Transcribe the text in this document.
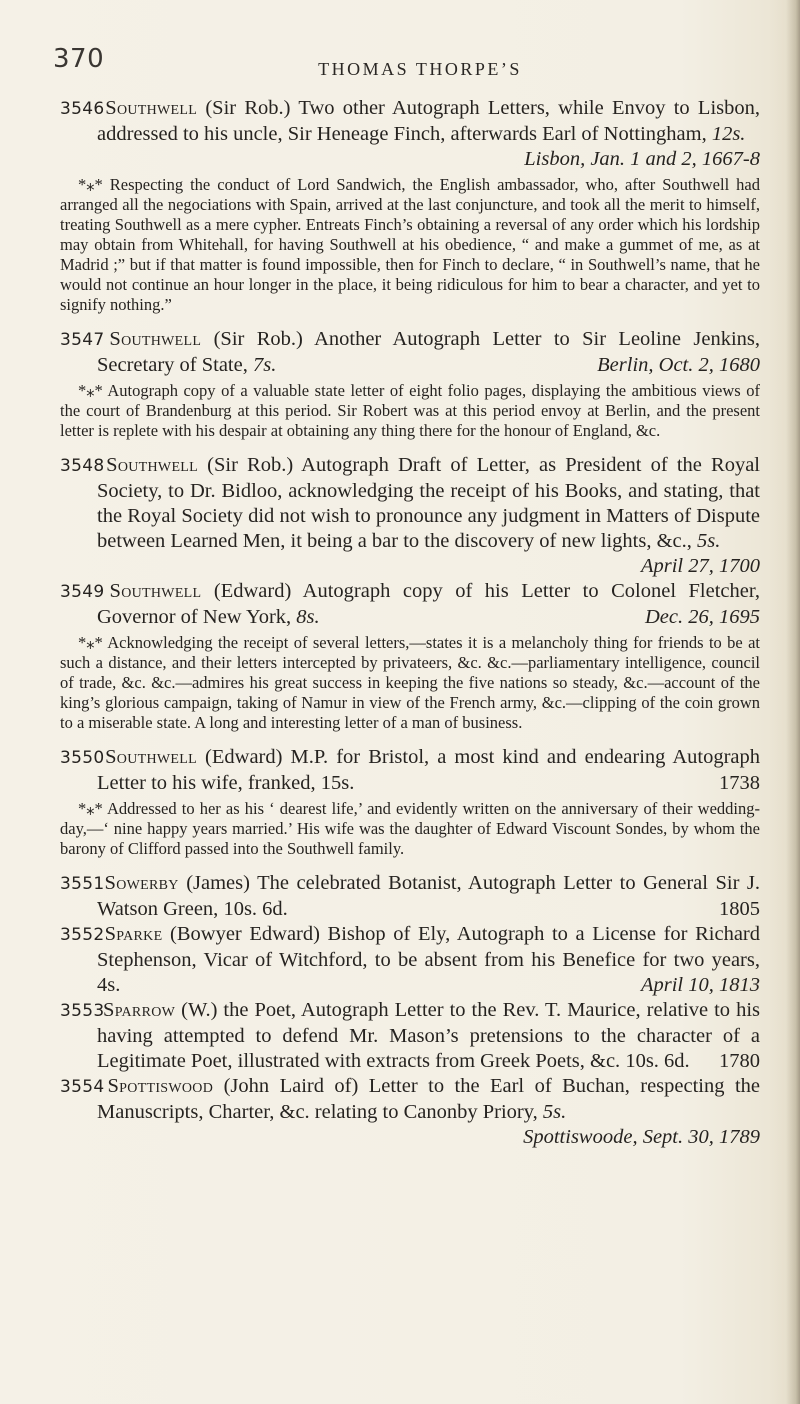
370	THOMAS THORPE’S

3546 Southwell (Sir Rob.) Two other Autograph Letters, while Envoy to Lisbon, addressed to his uncle, Sir Heneage Finch, afterwards Earl of Nottingham, 12s.
Lisbon, Jan. 1 and 2, 1667-8

*⁎* Respecting the conduct of Lord Sandwich, the English ambassador, who, after Southwell had arranged all the negociations with Spain, arrived at the last conjuncture, and took all the merit to himself, treating Southwell as a mere cypher. Entreats Finch’s obtaining a reversal of any order which his lordship may obtain from Whitehall, for having Southwell at his obedience, “ and make a gummet of me, as at Madrid ;” but if that matter is found impossible, then for Finch to declare, “ in Southwell’s name, that he would not continue an hour longer in the place, it being ridiculous for him to bear a character, and yet to signify nothing.”

3547 Southwell (Sir Rob.) Another Autograph Letter to Sir Leoline Jenkins, Secretary of State, 7s.	Berlin, Oct. 2, 1680

*⁎* Autograph copy of a valuable state letter of eight folio pages, displaying the ambitious views of the court of Brandenburg at this period. Sir Robert was at this period envoy at Berlin, and the present letter is replete with his despair at obtaining any thing there for the honour of England, &c.

3548 Southwell (Sir Rob.) Autograph Draft of Letter, as President of the Royal Society, to Dr. Bidloo, acknowledging the receipt of his Books, and stating, that the Royal Society did not wish to pronounce any judgment in Matters of Dispute between Learned Men, it being a bar to the discovery of new lights, &c., 5s.
April 27, 1700

3549 Southwell (Edward) Autograph copy of his Letter to Colonel Fletcher, Governor of New York, 8s.	Dec. 26, 1695

*⁎* Acknowledging the receipt of several letters,—states it is a melancholy thing for friends to be at such a distance, and their letters intercepted by privateers, &c. &c.—parliamentary intelligence, council of trade, &c. &c.—admires his great success in keeping the five nations so steady, &c.—account of the king’s glorious campaign, taking of Namur in view of the French army, &c.—clipping of the coin grown to a miserable state. A long and interesting letter of a man of business.

3550 Southwell (Edward) M.P. for Bristol, a most kind and endearing Autograph Letter to his wife, franked, 15s.	1738

*⁎* Addressed to her as his ‘ dearest life,’ and evidently written on the anniversary of their wedding-day,—‘ nine happy years married.’ His wife was the daughter of Edward Viscount Sondes, by whom the barony of Clifford passed into the Southwell family.

3551 Sowerby (James) The celebrated Botanist, Autograph Letter to General Sir J. Watson Green, 10s. 6d.	1805

3552 Sparke (Bowyer Edward) Bishop of Ely, Autograph to a License for Richard Stephenson, Vicar of Witchford, to be absent from his Benefice for two years, 4s.	April 10, 1813

3553 Sparrow (W.) the Poet, Autograph Letter to the Rev. T. Maurice, relative to his having attempted to defend Mr. Mason’s pretensions to the character of a Legitimate Poet, illustrated with extracts from Greek Poets, &c. 10s. 6d. 1780

3554 Spottiswood (John Laird of) Letter to the Earl of Buchan, respecting the Manuscripts, Charter, &c. relating to Canonby Priory, 5s.
Spottiswoode, Sept. 30, 1789
